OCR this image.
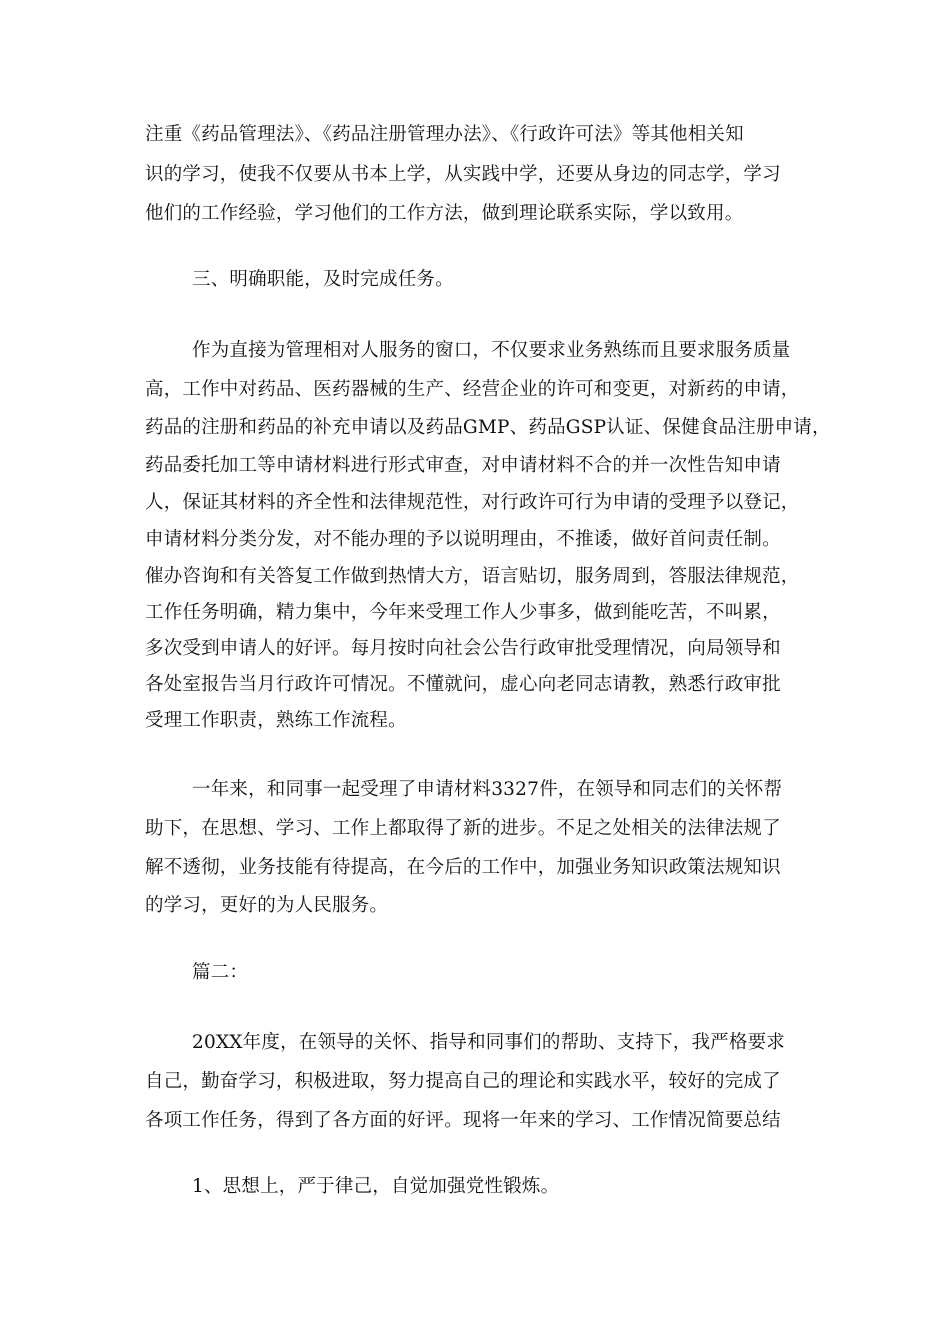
注重《药品管理法》、《药品注册管理办法》、《行政许可法》等其他相关知
识的学习，使我不仅要从书本上学，从实践中学，还要从身边的同志学，学习
他们的工作经验，学习他们的工作方法，做到理论联系实际，学以致用。
三、明确职能，及时完成任务。
作为直接为管理相对人服务的窗口，不仅要求业务熟练而且要求服务质量
高，工作中对药品、医药器械的生产、经营企业的许可和变更，对新药的申请，
药品的注册和药品的补充申请以及药品GMP、药品GSP认证、保健食品注册申请，
药品委托加工等申请材料进行形式审查，对申请材料不合的并一次性告知申请
人，保证其材料的齐全性和法律规范性，对行政许可行为申请的受理予以登记，
申请材料分类分发，对不能办理的予以说明理由，不推诿，做好首问责任制。
催办咨询和有关答复工作做到热情大方，语言贴切，服务周到，答服法律规范，
工作任务明确，精力集中，今年来受理工作人少事多，做到能吃苦，不叫累，
多次受到申请人的好评。每月按时向社会公告行政审批受理情况，向局领导和
各处室报告当月行政许可情况。不懂就问，虚心向老同志请教，熟悉行政审批
受理工作职责，熟练工作流程。
一年来，和同事一起受理了申请材料3327件，在领导和同志们的关怀帮
助下，在思想、学习、工作上都取得了新的进步。不足之处相关的法律法规了
解不透彻，业务技能有待提高，在今后的工作中，加强业务知识政策法规知识
的学习，更好的为人民服务。
篇二：
20XX年度，在领导的关怀、指导和同事们的帮助、支持下，我严格要求
自己，勤奋学习，积极进取，努力提高自己的理论和实践水平，较好的完成了
各项工作任务，得到了各方面的好评。现将一年来的学习、工作情况简要总结
1、思想上，严于律己，自觉加强党性锻炼。
